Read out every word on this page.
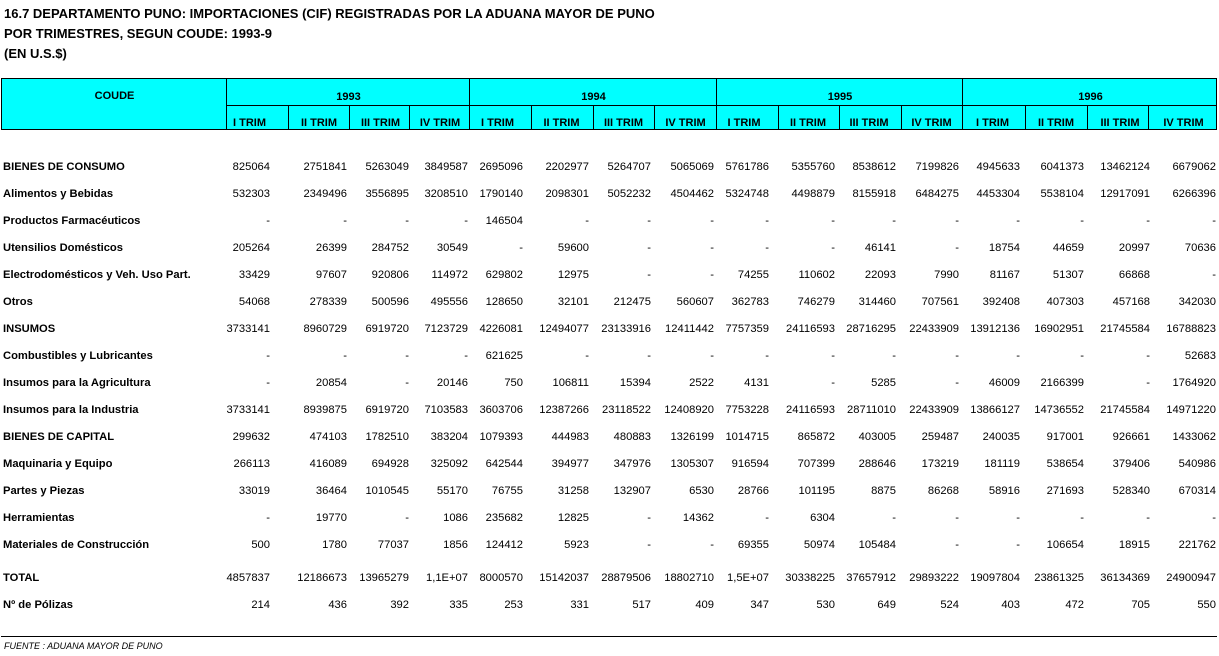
16.7 DEPARTAMENTO PUNO: IMPORTACIONES (CIF) REGISTRADAS POR LA ADUANA MAYOR DE PUNO
POR TRIMESTRES, SEGUN COUDE: 1993-9
(EN U.S.$)
COUDE	1993	1994	1995	1996
I TRIM	II TRIM	III TRIM	IV TRIM	I TRIM	II TRIM	III TRIM	IV TRIM	I TRIM	II TRIM	III TRIM	IV TRIM	I TRIM	II TRIM	III TRIM	IV TRIM
BIENES DE CONSUMO	825064	2751841 5263049 3849587 2695096 2202977 5264707 5065069 5761786 5355760 8538612 7199826 4945633 6041373 13462124 6679062
Alimentos y Bebidas	532303	2349496 3556895 3208510 1790140 2098301 5052232 4504462 5324748 4498879 8155918 6484275 4453304 5538104 12917091 6266396
Productos Farmacéuticos	-	-	-	- 146504	-	-	-	-	-	-	-	-	-	-	-
Utensilios Domésticos	205264	26399 284752 30549	-	59600	-	-	-	-	46141	-	18754	44659	20997	70636
Electrodomésticos y Veh. Uso Part.	33429	97607 920806 114972 629802	12975	-	- 74255	110602	22093	7990	81167	51307	66868	-
Otros	54068	278339 500596 495556 128650	32101 212475 560607 362783	746279 314460 707561 392408 407303	457168	342030
INSUMOS	3733141	8960729 6919720 7123729 4226081 12494077 23133916 12411442 7757359 24116593 28716295 22433909 13912136 16902951 21745584 16788823
Combustibles y Lubricantes	-	-	-	- 621625	-	-	-	-	-	-	-	-	-	-	52683
Insumos para la Agricultura	-	20854	- 20146	750	106811	15394	2522	4131	-	5285	-	46009 2166399	- 1764920
Insumos para la Industria	3733141	8939875 6919720 7103583 3603706 12387266 23118522 12408920 7753228 24116593 28711010 22433909 13866127 14736552 21745584 14971220
BIENES DE CAPITAL	299632	474103 1782510 383204 1079393	444983 480883 1326199 1014715	865872 403005 259487 240035 917001	926661 1433062
Maquinaria y Equipo	266113	416089 694928 325092 642544	394977 347976 1305307 916594	707399 288646 173219 181119 538654	379406	540986
Partes y Piezas	33019	36464 1010545 55170 76755	31258 132907	6530 28766	101195	8875	86268	58916 271693	528340	670314
Herramientas	-	19770	-	1086 235682	12825	-	14362	-	6304	-	-	-	-	-	-
Materiales de Construcción	500	1780	77037	1856 124412	5923	-	- 69355	50974 105484	-	- 106654	18915	221762
TOTAL	4857837 12186673 13965279 1,1E+07 8000570 15142037 28879506 18802710 1,5E+07 30338225 37657912 29893222 19097804 23861325 36134369 24900947
Nº de Pólizas	214	436	392	335	253	331	517	409	347	530	649	524	403	472	705	550
FUENTE : ADUANA MAYOR DE PUNO
